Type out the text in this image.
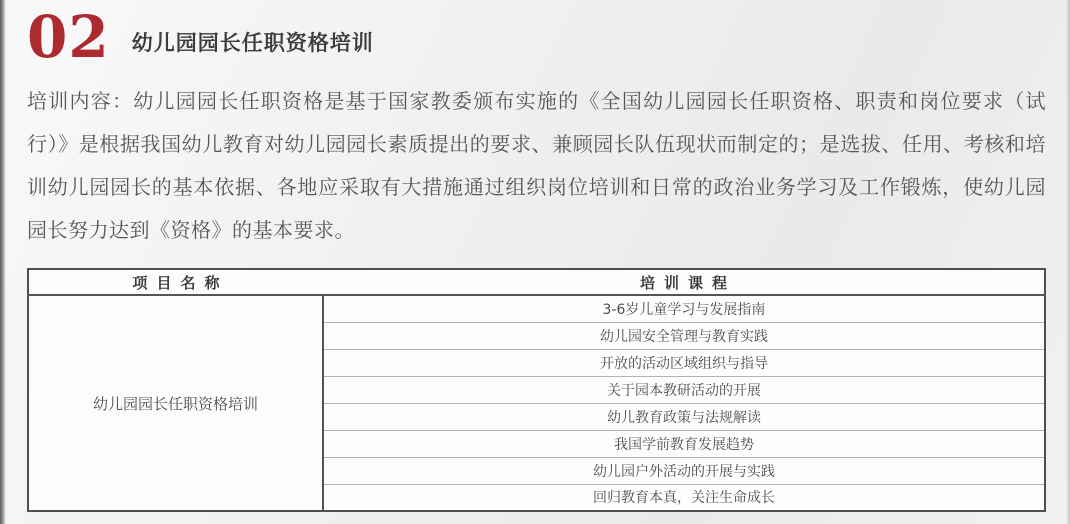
02 幼儿园园长任职资格培训
培训内容：幼儿园园长任职资格是基于国家教委颁布实施的《全国幼儿园园长任职资格、职责和岗位要求（试行）》是根据我国幼儿教育对幼儿园园长素质提出的要求、兼顾园长队伍现状而制定的；是选拔、任用、考核和培训幼儿园园长的基本依据、各地应采取有大措施通过组织岗位培训和日常的政治业务学习及工作锻炼，使幼儿园园长努力达到《资格》的基本要求。
项目名称	培训课程
幼儿园园长任职资格培训	3-6岁儿童学习与发展指南
	幼儿园安全管理与教育实践
	开放的活动区域组织与指导
	关于园本教研活动的开展
	幼儿教育政策与法规解读
	我国学前教育发展趋势
	幼儿园户外活动的开展与实践
	回归教育本真，关注生命成长
